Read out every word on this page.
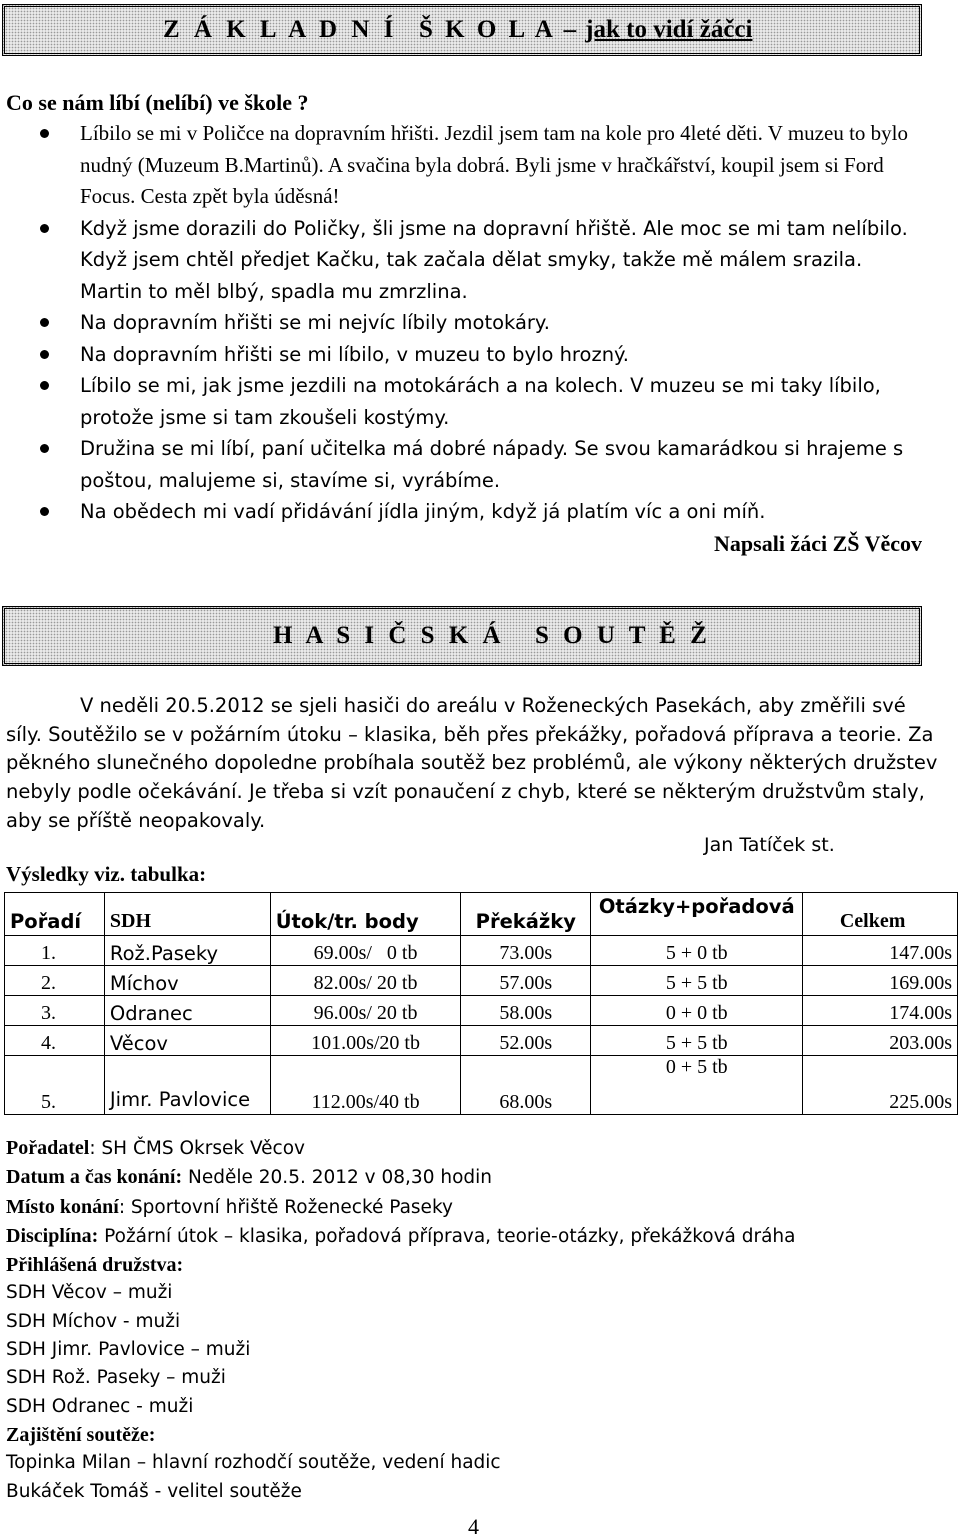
Z Á K L A D N Í Š K O L A – jak to vidí žáčci
Co se nám líbí (nelíbí) ve škole ?
Líbilo se mi v Poličce na dopravním hřišti. Jezdil jsem tam na kole pro 4leté děti. V muzeu to bylo nudný (Muzeum B.Martinů). A svačina byla dobrá. Byli jsme v hračkářství, koupil jsem si Ford Focus. Cesta zpět byla úděsná!
Když jsme dorazili do Poličky, šli jsme na dopravní hřiště. Ale moc se mi tam nelíbilo. Když jsem chtěl předjet Kačku, tak začala dělat smyky, takže mě málem srazila. Martin to měl blbý, spadla mu zmrzlina.
Na dopravním hřišti se mi nejvíc líbily motokáry.
Na dopravním hřišti se mi líbilo, v muzeu to bylo hrozný.
Líbilo se mi, jak jsme jezdili na motokárách a na kolech. V muzeu se mi taky líbilo, protože jsme si tam zkoušeli kostýmy.
Družina se mi líbí, paní učitelka má dobré nápady. Se svou kamarádkou si hrajeme s poštou, malujeme si, stavíme si, vyrábíme.
Na obědech mi vadí přidávání jídla jiným, když já platím víc a oni míň.
Napsali žáci ZŠ Věcov
H A S I Č S K Á	S O U T Ě Ž
V neděli 20.5.2012 se sjeli hasiči do areálu v Roženeckých Pasekách, aby změřili své síly. Soutěžilo se v požárním útoku – klasika, běh přes překážky, pořadová příprava a teorie. Za pěkného slunečného dopoledne probíhala soutěž bez problémů, ale výkony některých družstev nebyly podle očekávání. Je třeba si vzít ponaučení z chyb, které se některým družstvům staly, aby se příště neopakovaly.
Jan Tatíček st.
Výsledky viz. tabulka:
Pořadí	SDH	Útok/tr. body	Překážky	Otázky+pořadová	Celkem
1.	Rož.Paseky	69.00s/   0 tb	73.00s	5 + 0 tb	147.00s
2.	Míchov	82.00s/ 20 tb	57.00s	5 + 5 tb	169.00s
3.	Odranec	96.00s/ 20 tb	58.00s	0 + 0 tb	174.00s
4.	Věcov	101.00s/20 tb	52.00s	5 + 5 tb	203.00s
5.	Jimr. Pavlovice	112.00s/40 tb	68.00s	0 + 5 tb	225.00s
Pořadatel: SH ČMS Okrsek Věcov
Datum a čas konání: Neděle 20.5. 2012 v 08,30 hodin
Místo konání: Sportovní hřiště Roženecké Paseky
Disciplína: Požární útok – klasika, pořadová příprava, teorie-otázky, překážková dráha
Přihlášená družstva:
SDH Věcov – muži
SDH Míchov - muži
SDH Jimr. Pavlovice – muži
SDH Rož. Paseky – muži
SDH Odranec - muži
Zajištění soutěže:
Topinka Milan – hlavní rozhodčí soutěže, vedení hadic
Bukáček Tomáš - velitel soutěže
4
